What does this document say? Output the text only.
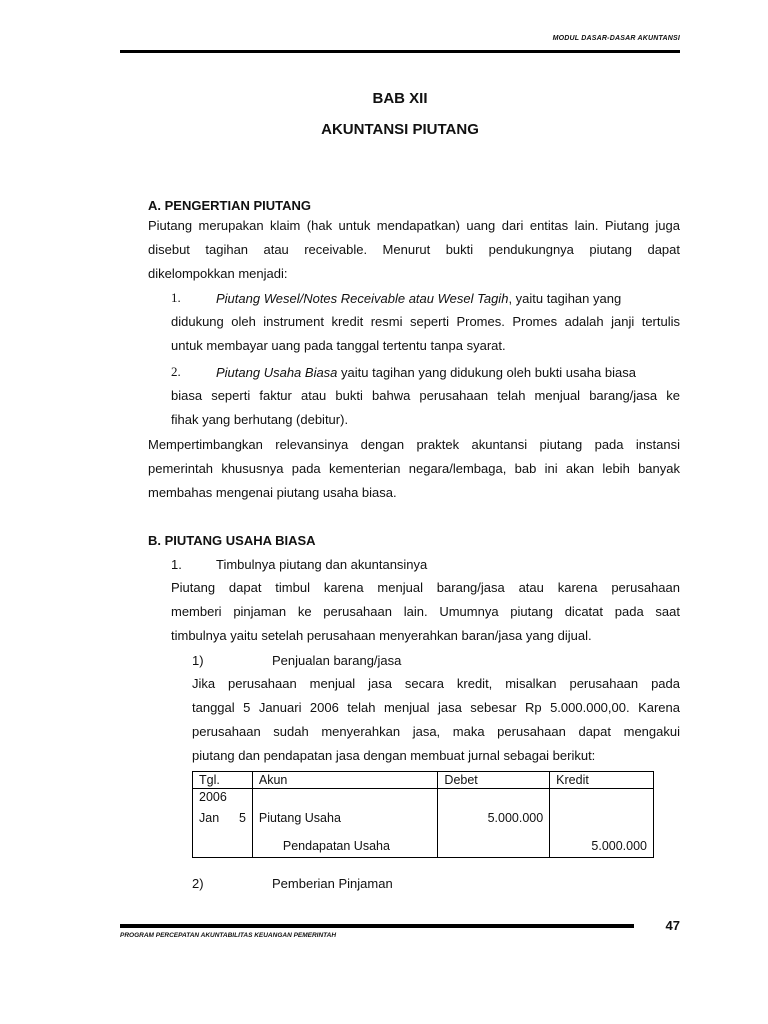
MODUL DASAR-DASAR AKUNTANSI
BAB XII
AKUNTANSI PIUTANG
A. PENGERTIAN PIUTANG

Piutang merupakan klaim (hak untuk mendapatkan) uang dari entitas lain. Piutang juga

disebut tagihan atau receivable. Menurut bukti pendukungnya piutang dapat

dikelompokkan menjadi:

1.	Piutang Wesel/Notes Receivable atau Wesel Tagih, yaitu tagihan yang

didukung oleh instrument kredit resmi seperti Promes. Promes adalah janji tertulis

untuk membayar uang pada tanggal tertentu tanpa syarat.

2.	Piutang Usaha Biasa yaitu tagihan yang didukung oleh bukti usaha biasa

biasa seperti faktur atau bukti bahwa perusahaan telah menjual barang/jasa ke

fihak yang berhutang (debitur).

Mempertimbangkan relevansinya dengan praktek akuntansi piutang pada instansi

pemerintah khususnya pada kementerian negara/lembaga, bab ini akan lebih banyak

membahas mengenai piutang usaha biasa.

B. PIUTANG USAHA BIASA
1.	Timbulnya piutang dan akuntansinya

Piutang dapat timbul karena menjual barang/jasa atau karena perusahaan

memberi pinjaman ke perusahaan lain. Umumnya piutang dicatat pada saat

timbulnya yaitu setelah perusahaan menyerahkan baran/jasa yang dijual.

1)	Penjualan barang/jasa

Jika perusahaan menjual jasa secara kredit, misalkan perusahaan pada

tanggal 5 Januari 2006 telah menjual jasa sebesar Rp 5.000.000,00. Karena

perusahaan sudah menyerahkan jasa, maka perusahaan dapat mengakui

piutang dan pendapatan jasa dengan membuat jurnal sebagai berikut:

Tgl.	Akun	Debet	Kredit
2006			
Jan 5	Piutang Usaha	5.000.000	
	Pendapatan Usaha		5.000.000
2)	Pemberian Pinjaman
47
PROGRAM PERCEPATAN AKUNTABILITAS KEUANGAN PEMERINTAH
